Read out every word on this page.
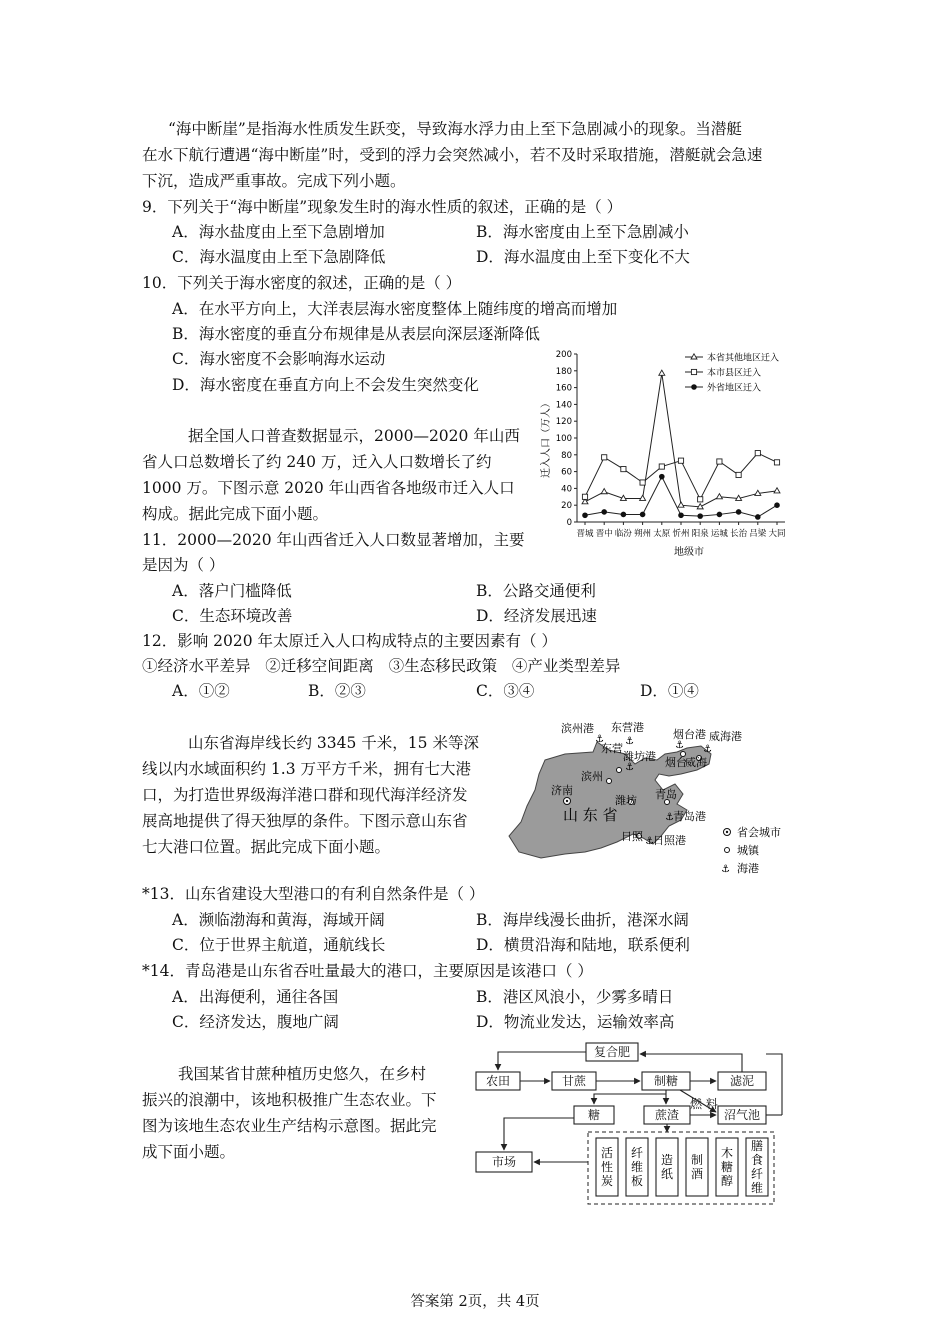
“海中断崖”是指海水性质发生跃变，导致海水浮力由上至下急剧减小的现象。当潜艇
在水下航行遭遇“海中断崖”时，受到的浮力会突然减小，若不及时采取措施，潜艇就会急速
下沉，造成严重事故。完成下列小题。
9．下列关于“海中断崖”现象发生时的海水性质的叙述，正确的是（ ）
A．海水盐度由上至下急剧增加	B．海水密度由上至下急剧减小
C．海水温度由上至下急剧降低	D．海水温度由上至下变化不大
10．下列关于海水密度的叙述，正确的是（ ）
A．在水平方向上，大洋表层海水密度整体上随纬度的增高而增加
B．海水密度的垂直分布规律是从表层向深层逐渐降低
C．海水密度不会影响海水运动
D．海水密度在垂直方向上不会发生突然变化
据全国人口普查数据显示，2000—2020 年山西
省人口总数增长了约 240 万，迁入人口数增长了约
1000 万。下图示意 2020 年山西省各地级市迁入人口
构成。据此完成下面小题。
11．2000—2020 年山西省迁入人口数显著增加，主要
是因为（ ）
A．落户门槛降低	B．公路交通便利
C．生态环境改善	D．经济发展迅速
12．影响 2020 年太原迁入人口构成特点的主要因素有（ ）
①经济水平差异   ②迁移空间距离   ③生态移民政策   ④产业类型差异
A．①②	B．②③	C．③④	D．①④
0
20
40
60
80
100
120
140
160
180
200
晋城 晋中 临汾 朔州 太原 忻州 阳泉 运城 长治 吕梁 大同
地级市
迁入人口（万人）
本省其他地区迁入
本市县区迁入
外省地区迁入
山东省海岸线长约 3345 千米，15 米等深
线以内水域面积约 1.3 万平方千米，拥有七大港
口，为打造世界级海洋港口群和现代海洋经济发
展高地提供了得天独厚的条件。下图示意山东省
七大港口位置。据此完成下面小题。
滨州港 东营港
烟台港 威海港
潍坊港
青岛港
日照港
东营
滨州
烟台
威海
济南
潍坊 青岛
日照
山 东 省
⚓ ⚓
⚓
⚓ ⚓
⚓
⚓
省会城市
城镇
⚓ 海港
*13．山东省建设大型港口的有利自然条件是（ ）
A．濒临渤海和黄海，海域开阔	B．海岸线漫长曲折，港深水阔
C．位于世界主航道，通航线长	D．横贯沿海和陆地，联系便利
*14．青岛港是山东省吞吐量最大的港口，主要原因是该港口（ ）
A．出海便利，通往各国	B．港区风浪小，少雾多晴日
C．经济发达，腹地广阔	D．物流业发达，运输效率高
我国某省甘蔗种植历史悠久，在乡村
振兴的浪潮中，该地积极推广生态农业。下
图为该地生态农业生产结构示意图。据此完
成下面小题。
复合肥
农田	甘蔗	制糖	滤泥
燃 料
糖	蔗渣	沼气池
市场
活性炭
纤维板
造纸
制酒
木糖醇
膳食纤维
答案第 2页，共 4页
